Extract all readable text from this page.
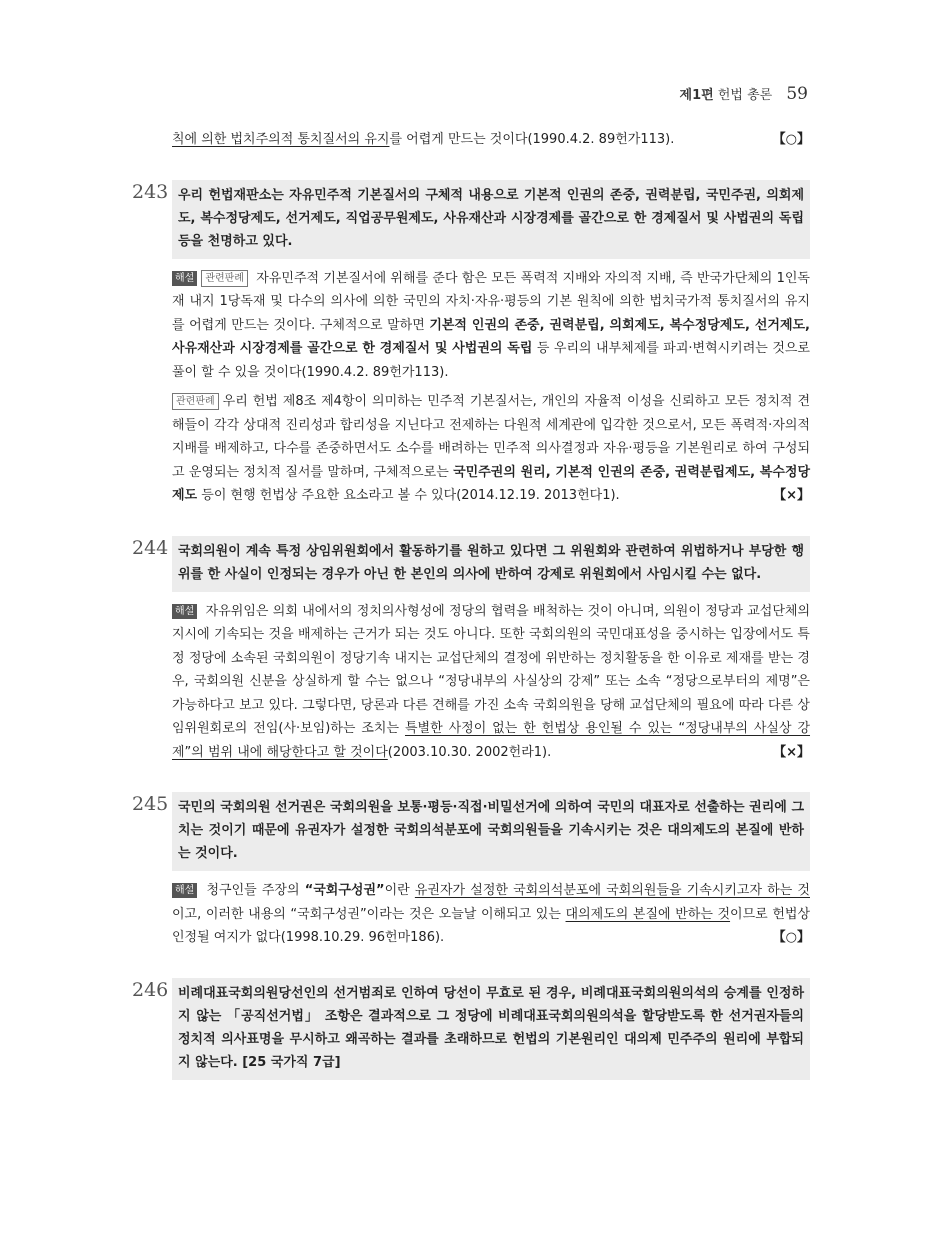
제1편 헌법 총론 59

칙에 의한 법치주의적 통치질서의 유지를 어렵게 만드는 것이다(1990.4.2. 89헌가113).	【○】

243 우리 헌법재판소는 자유민주적 기본질서의 구체적 내용으로 기본적 인권의 존중, 권력분립, 국민주권, 의회제도, 복수정당제도, 선거제도, 직업공무원제도, 사유재산과 시장경제를 골간으로 한 경제질서 및 사법권의 독립 등을 천명하고 있다.

해설 관련판례 자유민주적 기본질서에 위해를 준다 함은 모든 폭력적 지배와 자의적 지배, 즉 반국가단체의 1인독재 내지 1당독재 및 다수의 의사에 의한 국민의 자치·자유·평등의 기본 원칙에 의한 법치국가적 통치질서의 유지를 어렵게 만드는 것이다. 구체적으로 말하면 기본적 인권의 존중, 권력분립, 의회제도, 복수정당제도, 선거제도, 사유재산과 시장경제를 골간으로 한 경제질서 및 사법권의 독립 등 우리의 내부체제를 파괴·변혁시키려는 것으로 풀이 할 수 있을 것이다(1990.4.2. 89헌가113).

관련판례 우리 헌법 제8조 제4항이 의미하는 민주적 기본질서는, 개인의 자율적 이성을 신뢰하고 모든 정치적 견해들이 각각 상대적 진리성과 합리성을 지닌다고 전제하는 다원적 세계관에 입각한 것으로서, 모든 폭력적·자의적 지배를 배제하고, 다수를 존중하면서도 소수를 배려하는 민주적 의사결정과 자유·평등을 기본원리로 하여 구성되고 운영되는 정치적 질서를 말하며, 구체적으로는 국민주권의 원리, 기본적 인권의 존중, 권력분립제도, 복수정당제도 등이 현행 헌법상 주요한 요소라고 볼 수 있다(2014.12.19. 2013헌다1).	【×】

244 국회의원이 계속 특정 상임위원회에서 활동하기를 원하고 있다면 그 위원회와 관련하여 위법하거나 부당한 행위를 한 사실이 인정되는 경우가 아닌 한 본인의 의사에 반하여 강제로 위원회에서 사임시킬 수는 없다.

해설 자유위임은 의회 내에서의 정치의사형성에 정당의 협력을 배척하는 것이 아니며, 의원이 정당과 교섭단체의 지시에 기속되는 것을 배제하는 근거가 되는 것도 아니다. 또한 국회의원의 국민대표성을 중시하는 입장에서도 특정 정당에 소속된 국회의원이 정당기속 내지는 교섭단체의 결정에 위반하는 정치활동을 한 이유로 제재를 받는 경우, 국회의원 신분을 상실하게 할 수는 없으나 “정당내부의 사실상의 강제” 또는 소속 “정당으로부터의 제명”은 가능하다고 보고 있다. 그렇다면, 당론과 다른 견해를 가진 소속 국회의원을 당해 교섭단체의 필요에 따라 다른 상임위원회로의 전임(사·보임)하는 조치는 특별한 사정이 없는 한 헌법상 용인될 수 있는 “정당내부의 사실상 강제”의 범위 내에 해당한다고 할 것이다(2003.10.30. 2002헌라1).	【×】

245 국민의 국회의원 선거권은 국회의원을 보통·평등·직접·비밀선거에 의하여 국민의 대표자로 선출하는 권리에 그치는 것이기 때문에 유권자가 설정한 국회의석분포에 국회의원들을 기속시키는 것은 대의제도의 본질에 반하는 것이다.

해설 청구인들 주장의 “국회구성권”이란 유권자가 설정한 국회의석분포에 국회의원들을 기속시키고자 하는 것이고, 이러한 내용의 “국회구성권”이라는 것은 오늘날 이해되고 있는 대의제도의 본질에 반하는 것이므로 헌법상 인정될 여지가 없다(1998.10.29. 96헌마186).	【○】

246 비례대표국회의원당선인의 선거범죄로 인하여 당선이 무효로 된 경우, 비례대표국회의원의석의 승계를 인정하지 않는 「공직선거법」 조항은 결과적으로 그 정당에 비례대표국회의원의석을 할당받도록 한 선거권자들의 정치적 의사표명을 무시하고 왜곡하는 결과를 초래하므로 헌법의 기본원리인 대의제 민주주의 원리에 부합되지 않는다. [25 국가직 7급]
